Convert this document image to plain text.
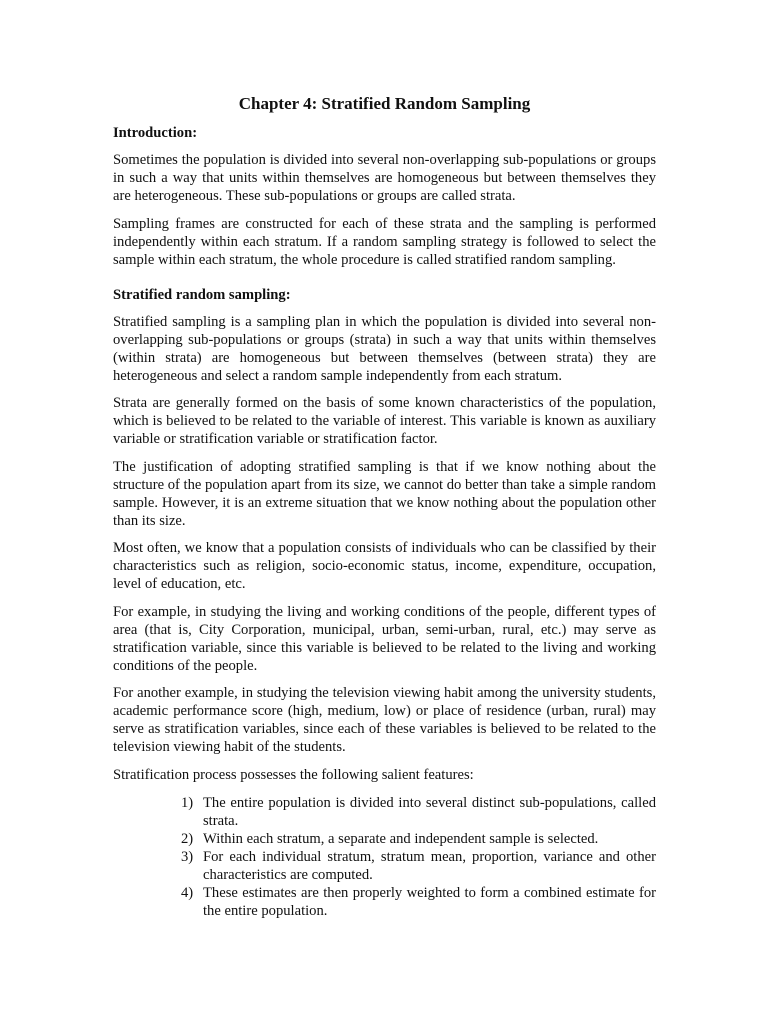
Chapter 4: Stratified Random Sampling
Introduction:

Sometimes the population is divided into several non-overlapping sub-populations or groups in such a way that units within themselves are homogeneous but between themselves they are heterogeneous. These sub-populations or groups are called strata.

Sampling frames are constructed for each of these strata and the sampling is performed independently within each stratum. If a random sampling strategy is followed to select the sample within each stratum, the whole procedure is called stratified random sampling.

Stratified random sampling:

Stratified sampling is a sampling plan in which the population is divided into several non-overlapping sub-populations or groups (strata) in such a way that units within themselves (within strata) are homogeneous but between themselves (between strata) they are heterogeneous and select a random sample independently from each stratum.

Strata are generally formed on the basis of some known characteristics of the population, which is believed to be related to the variable of interest. This variable is known as auxiliary variable or stratification variable or stratification factor.

The justification of adopting stratified sampling is that if we know nothing about the structure of the population apart from its size, we cannot do better than take a simple random sample. However, it is an extreme situation that we know nothing about the population other than its size.

Most often, we know that a population consists of individuals who can be classified by their characteristics such as religion, socio-economic status, income, expenditure, occupation, level of education, etc.

For example, in studying the living and working conditions of the people, different types of area (that is, City Corporation, municipal, urban, semi-urban, rural, etc.) may serve as stratification variable, since this variable is believed to be related to the living and working conditions of the people.

For another example, in studying the television viewing habit among the university students, academic performance score (high, medium, low) or place of residence (urban, rural) may serve as stratification variables, since each of these variables is believed to be related to the television viewing habit of the students.

Stratification process possesses the following salient features:

1) The entire population is divided into several distinct sub-populations, called strata.
2) Within each stratum, a separate and independent sample is selected.
3) For each individual stratum, stratum mean, proportion, variance and other characteristics are computed.
4) These estimates are then properly weighted to form a combined estimate for the entire population.
